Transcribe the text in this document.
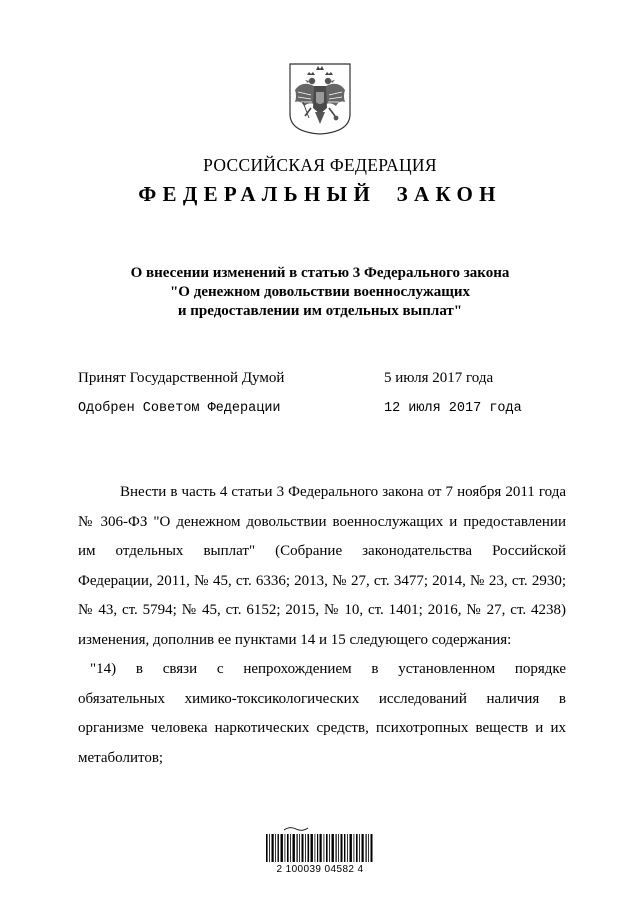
РОССИЙСКАЯ ФЕДЕРАЦИЯ
ФЕДЕРАЛЬНЫЙ ЗАКОН
О внесении изменений в статью 3 Федерального закона
"О денежном довольствии военнослужащих
и предоставлении им отдельных выплат"
Принят Государственной Думой	5 июля 2017 года
Одобрен Советом Федерации	12 июля 2017 года
Внести в часть 4 статьи 3 Федерального закона от 7 ноября 2011 года
№ 306-ФЗ "О денежном довольствии военнослужащих и предоставлении
им отдельных выплат" (Собрание законодательства Российской
Федерации, 2011, № 45, ст. 6336; 2013, № 27, ст. 3477; 2014, № 23, ст. 2930;
№ 43, ст. 5794; № 45, ст. 6152; 2015, № 10, ст. 1401; 2016, № 27, ст. 4238)
изменения, дополнив ее пунктами 14 и 15 следующего содержания:
"14) в связи с непрохождением в установленном порядке
обязательных химико-токсикологических исследований наличия в
организме человека наркотических средств, психотропных веществ и их
метаболитов;
2 100039 04582 4
